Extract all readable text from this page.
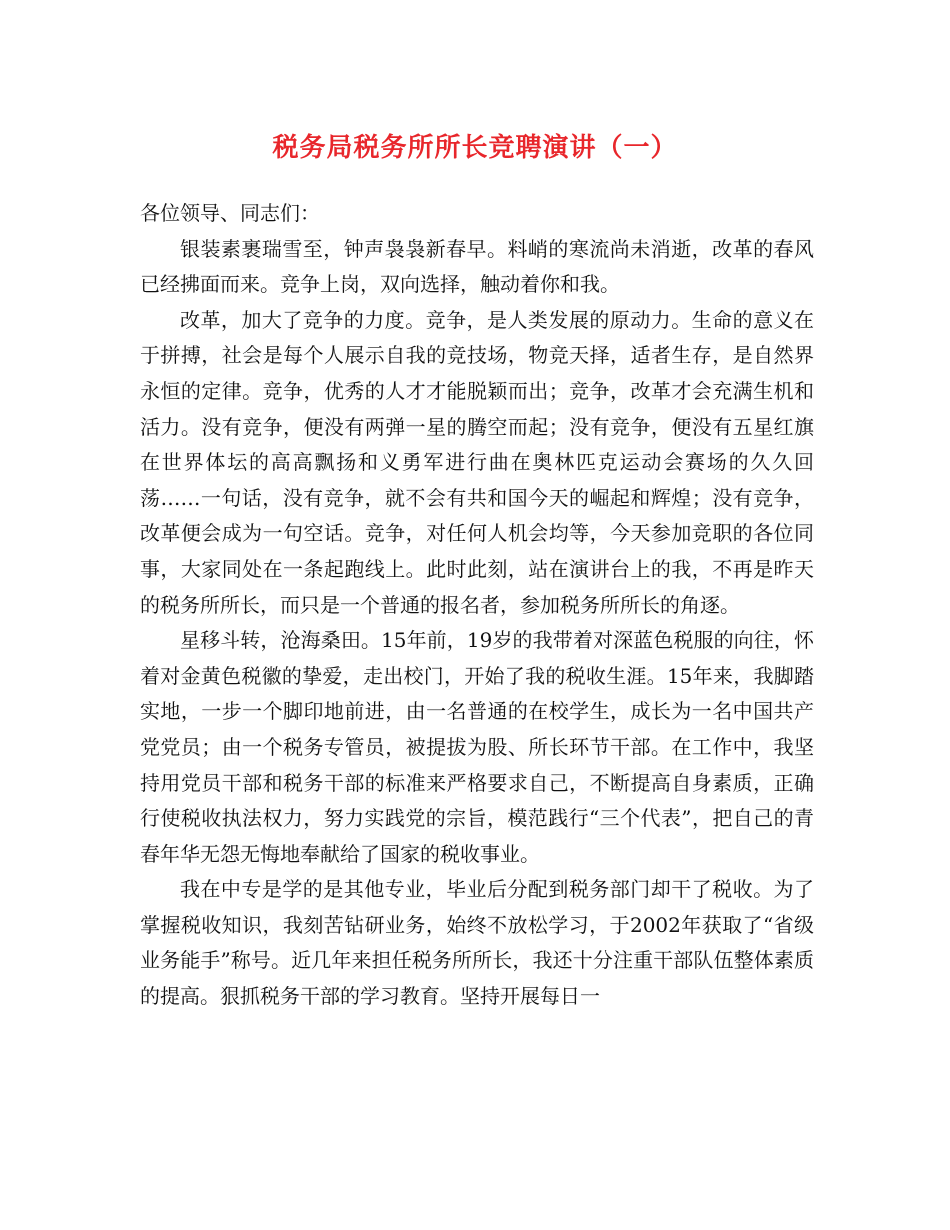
税务局税务所所长竞聘演讲（一）

各位领导、同志们：

银装素裹瑞雪至，钟声袅袅新春早。料峭的寒流尚未消逝，改革的春风已经拂面而来。竞争上岗，双向选择，触动着你和我。

改革，加大了竞争的力度。竞争，是人类发展的原动力。生命的意义在于拼搏，社会是每个人展示自我的竞技场，物竞天择，适者生存，是自然界永恒的定律。竞争，优秀的人才才能脱颖而出；竞争，改革才会充满生机和活力。没有竞争，便没有两弹一星的腾空而起；没有竞争，便没有五星红旗在世界体坛的高高飘扬和义勇军进行曲在奥林匹克运动会赛场的久久回荡……一句话，没有竞争，就不会有共和国今天的崛起和辉煌；没有竞争，改革便会成为一句空话。竞争，对任何人机会均等，今天参加竞职的各位同事，大家同处在一条起跑线上。此时此刻，站在演讲台上的我，不再是昨天的税务所所长，而只是一个普通的报名者，参加税务所所长的角逐。

星移斗转，沧海桑田。15年前，19岁的我带着对深蓝色税服的向往，怀着对金黄色税徽的挚爱，走出校门，开始了我的税收生涯。15年来，我脚踏实地，一步一个脚印地前进，由一名普通的在校学生，成长为一名中国共产党党员；由一个税务专管员，被提拔为股、所长环节干部。在工作中，我坚持用党员干部和税务干部的标准来严格要求自己，不断提高自身素质，正确行使税收执法权力，努力实践党的宗旨，模范践行“三个代表”，把自己的青春年华无怨无悔地奉献给了国家的税收事业。

我在中专是学的是其他专业，毕业后分配到税务部门却干了税收。为了掌握税收知识，我刻苦钻研业务，始终不放松学习，于2002年获取了“省级业务能手”称号。近几年来担任税务所所长，我还十分注重干部队伍整体素质的提高。狠抓税务干部的学习教育。坚持开展每日一
